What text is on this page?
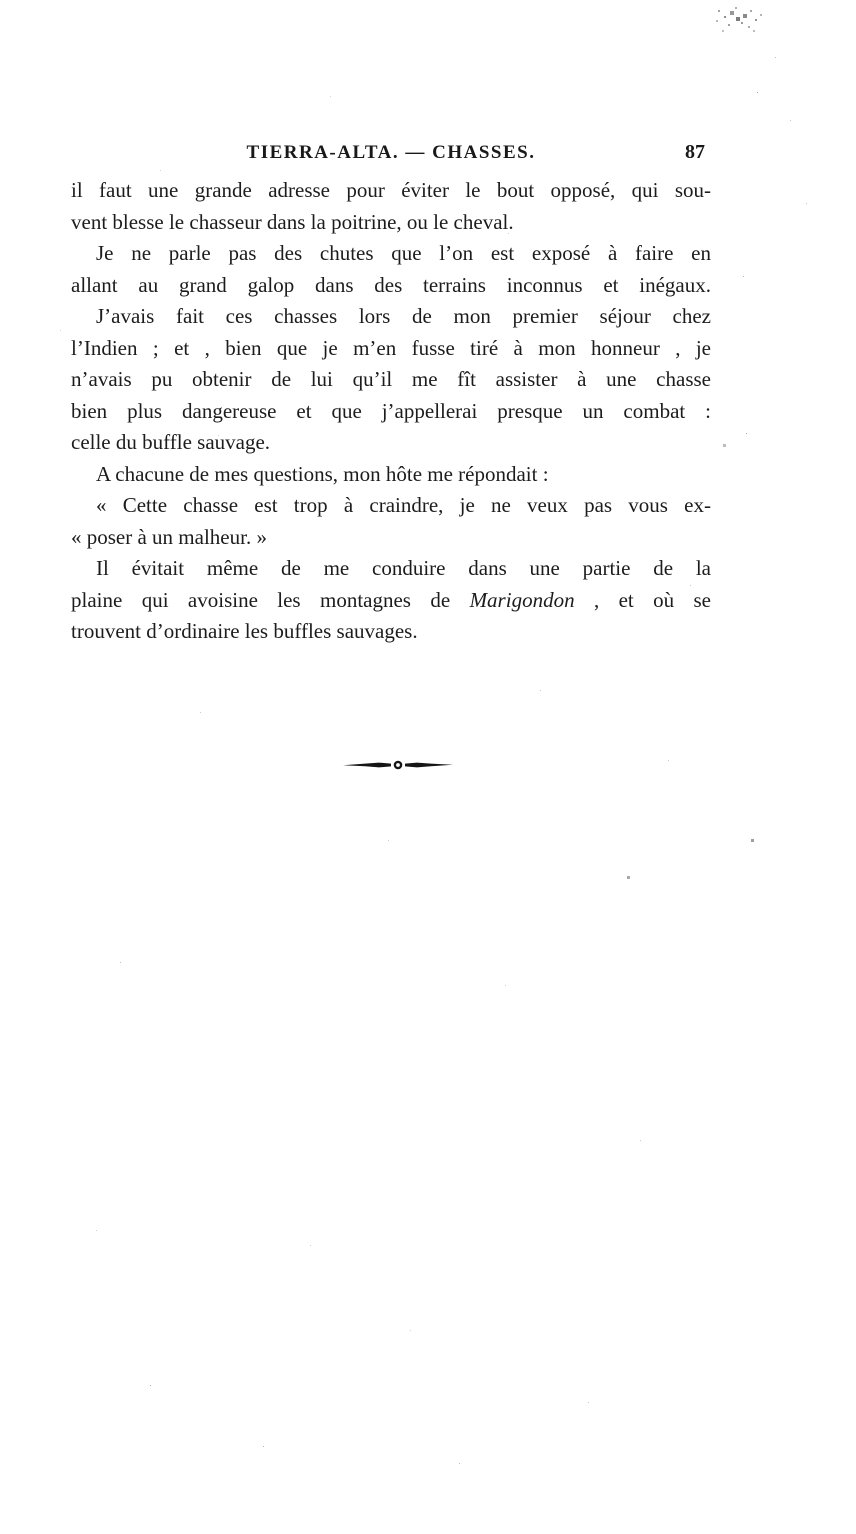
TIERRA-ALTA. — CHASSES.	87
il faut une grande adresse pour éviter le bout opposé, qui sou-
vent blesse le chasseur dans la poitrine, ou le cheval.
Je ne parle pas des chutes que l’on est exposé à faire en
allant au grand galop dans des terrains inconnus et inégaux.
J’avais fait ces chasses lors de mon premier séjour chez
l’Indien ; et , bien que je m’en fusse tiré à mon honneur , je
n’avais pu obtenir de lui qu’il me fît assister à une chasse
bien plus dangereuse et que j’appellerai presque un combat :
celle du buffle sauvage.
A chacune de mes questions, mon hôte me répondait :
« Cette chasse est trop à craindre, je ne veux pas vous ex-
« poser à un malheur. »
Il évitait même de me conduire dans une partie de la
plaine qui avoisine les montagnes de Marigondon , et où se
trouvent d’ordinaire les buffles sauvages.
